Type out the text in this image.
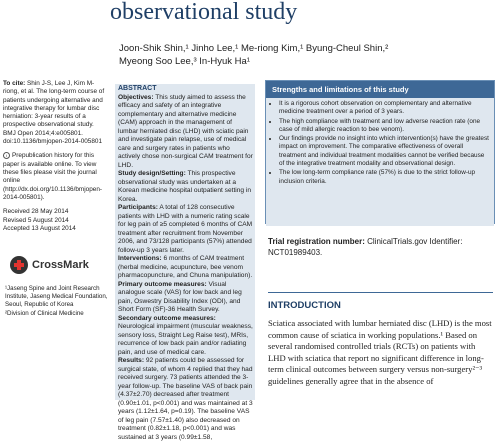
observational study
Joon-Shik Shin,¹ Jinho Lee,¹ Me-riong Kim,¹ Byung-Cheul Shin,² Myeong Soo Lee,³ In-Hyuk Ha¹

To cite: Shin J-S, Lee J, Kim M-riong, et al. The long-term course of patients undergoing alternative and integrative therapy for lumbar disc herniation: 3-year results of a prospective observational study. BMJ Open 2014;4:e005801. doi:10.1136/bmjopen-2014-005801

i Prepublication history for this paper is available online. To view these files please visit the journal online (http://dx.doi.org/10.1136/bmjopen-2014-005801).

Received 28 May 2014
Revised 5 August 2014
Accepted 13 August 2014
CrossMark
¹Jaseng Spine and Joint Research Institute, Jaseng Medical Foundation, Seoul, Republic of Korea
²Division of Clinical Medicine
ABSTRACT

Objectives: This study aimed to assess the efficacy and safety of an integrative complementary and alternative medicine (CAM) approach in the management of lumbar herniated disc (LHD) with sciatic pain and investigate pain relapse, use of medical care and surgery rates in patients who actively chose non-surgical CAM treatment for LHD.

Study design/Setting: This prospective observational study was undertaken at a Korean medicine hospital outpatient setting in Korea.

Participants: A total of 128 consecutive patients with LHD with a numeric rating scale for leg pain of ≥5 completed 6 months of CAM treatment after recruitment from November 2006, and 73/128 participants (57%) attended follow-up 3 years later.

Interventions: 6 months of CAM treatment (herbal medicine, acupuncture, bee venom pharmacopuncture, and Chuna manipulation).

Primary outcome measures: Visual analogue scale (VAS) for low back and leg pain, Oswestry Disability Index (ODI), and Short Form (SF)-36 Health Survey.

Secondary outcome measures: Neurological impairment (muscular weakness, sensory loss, Straight Leg Raise test), MRIs, recurrence of low back pain and/or radiating pain, and use of medical care.

Results: 92 patients could be assessed for surgical state, of whom 4 replied that they had received surgery. 73 patients attended the 3-year follow-up. The baseline VAS of back pain (4.37±2.70) decreased after treatment (0.90±1.01, p<0.001) and was maintained at 3 years (1.12±1.64, p=0.19). The baseline VAS of leg pain (7.57±1.40) also decreased on treatment (0.82±1.18, p<0.001) and was sustained at 3 years (0.99±1.58,

Strengths and limitations of this study
• It is a rigorous cohort observation on complementary and alternative medicine treatment over a period of 3 years.
• The high compliance with treatment and low adverse reaction rate (one case of mild allergic reaction to bee venom).
• Our findings provide no insight into which intervention(s) have the greatest impact on improvement. The comparative effectiveness of overall treatment and individual treatment modalities cannot be verified because of the integrative treatment modality and observational design.
• The low long-term compliance rate (57%) is due to the strict follow-up inclusion criteria.
Trial registration number: ClinicalTrials.gov Identifier: NCT01989403.
INTRODUCTION
Sciatica associated with lumbar herniated disc (LHD) is the most common cause of sciatica in working populations.¹ Based on several randomised controlled trials (RCTs) on patients with LHD with sciatica that report no significant difference in long-term clinical outcomes between surgery versus non-surgery²⁻³ guidelines generally agree that in the absence of
